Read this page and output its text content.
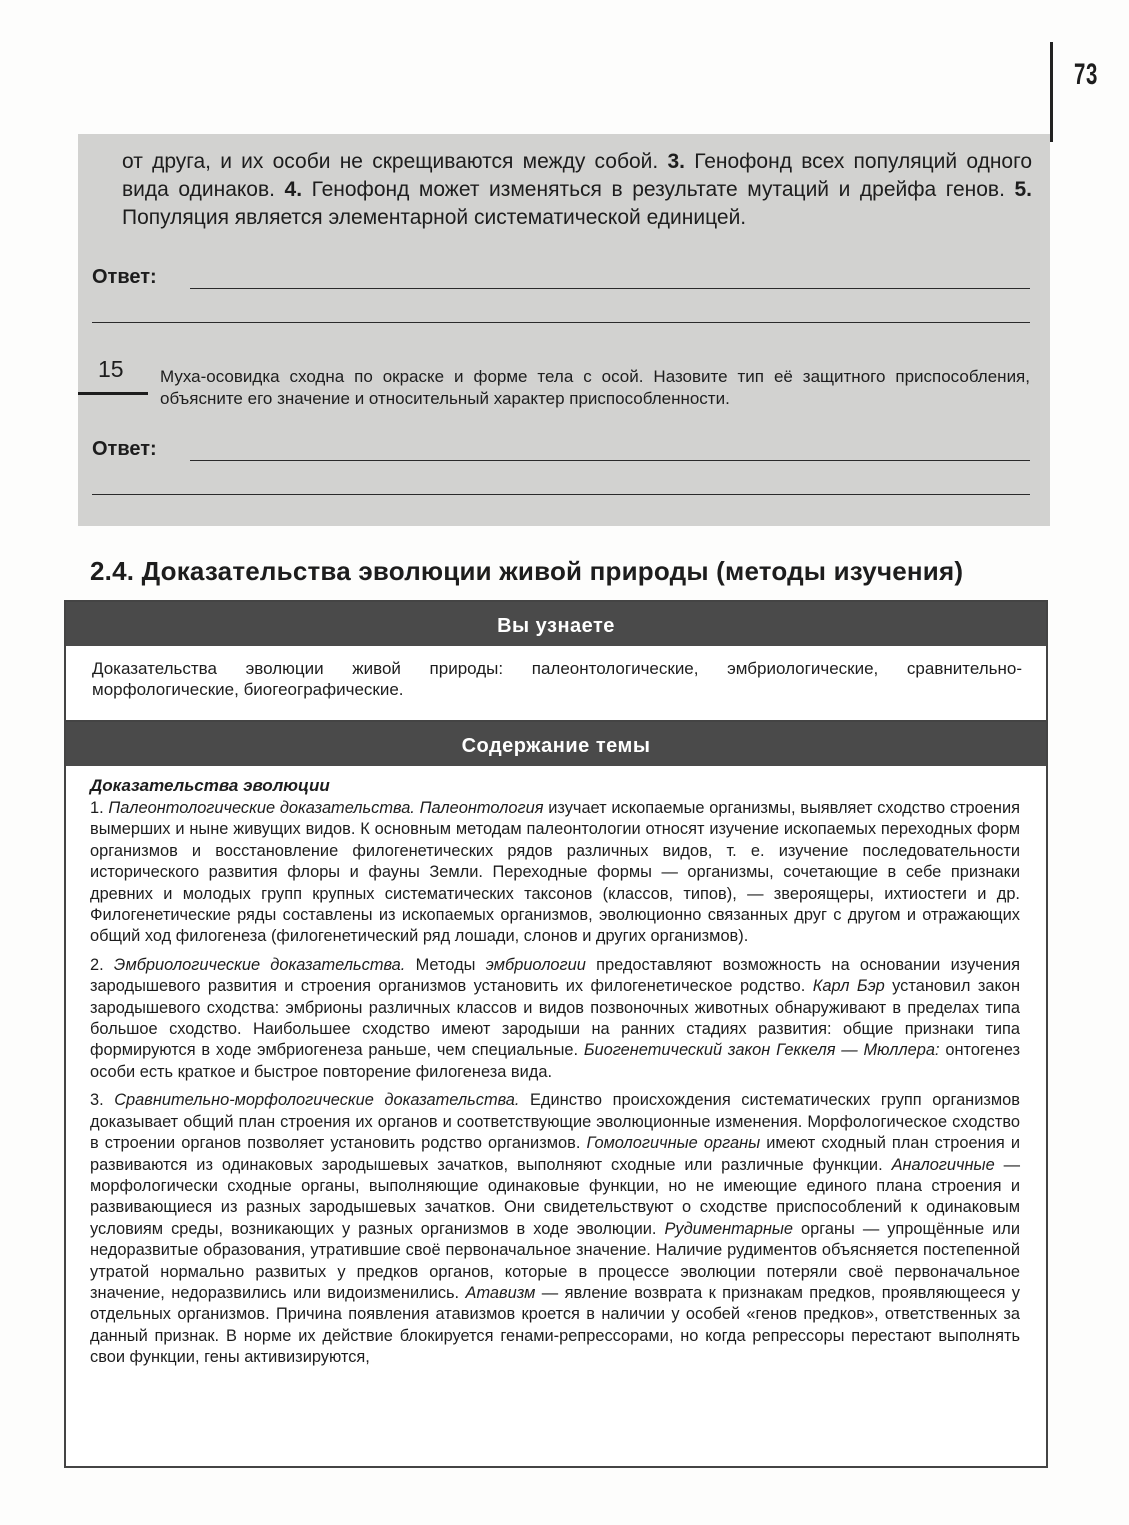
73
от друга, и их особи не скрещиваются между собой. 3. Генофонд всех популяций одного вида одинаков. 4. Генофонд может изменяться в результате мутаций и дрейфа генов. 5. Популяция является элементарной систематической единицей.
Ответ:
15	Муха-осовидка сходна по окраске и форме тела с осой. Назовите тип её защитного приспособления, объясните его значение и относительный характер приспособленности.
Ответ:
2.4. Доказательства эволюции живой природы (методы изучения)
Вы узнаете
Доказательства эволюции живой природы: палеонтологические, эмбриологические, сравнительно-морфологические, биогеографические.
Содержание темы
Доказательства эволюции

1. Палеонтологические доказательства. Палеонтология изучает ископаемые организмы, выявляет сходство строения вымерших и ныне живущих видов. К основным методам палеонтологии относят изучение ископаемых переходных форм организмов и восстановление филогенетических рядов различных видов, т. е. изучение последовательности исторического развития флоры и фауны Земли. Переходные формы — организмы, сочетающие в себе признаки древних и молодых групп крупных систематических таксонов (классов, типов), — звероящеры, ихтиостеги и др. Филогенетические ряды составлены из ископаемых организмов, эволюционно связанных друг с другом и отражающих общий ход филогенеза (филогенетический ряд лошади, слонов и других организмов).

2. Эмбриологические доказательства. Методы эмбриологии предоставляют возможность на основании изучения зародышевого развития и строения организмов установить их филогенетическое родство. Карл Бэр установил закон зародышевого сходства: эмбрионы различных классов и видов позвоночных животных обнаруживают в пределах типа большое сходство. Наибольшее сходство имеют зародыши на ранних стадиях развития: общие признаки типа формируются в ходе эмбриогенеза раньше, чем специальные. Биогенетический закон Геккеля — Мюллера: онтогенез особи есть краткое и быстрое повторение филогенеза вида.

3. Сравнительно-морфологические доказательства. Единство происхождения систематических групп организмов доказывает общий план строения их органов и соответствующие эволюционные изменения. Морфологическое сходство в строении органов позволяет установить родство организмов. Гомологичные органы имеют сходный план строения и развиваются из одинаковых зародышевых зачатков, выполняют сходные или различные функции. Аналогичные — морфологически сходные органы, выполняющие одинаковые функции, но не имеющие единого плана строения и развивающиеся из разных зародышевых зачатков. Они свидетельствуют о сходстве приспособлений к одинаковым условиям среды, возникающих у разных организмов в ходе эволюции. Рудиментарные органы — упрощённые или недоразвитые образования, утратившие своё первоначальное значение. Наличие рудиментов объясняется постепенной утратой нормально развитых у предков органов, которые в процессе эволюции потеряли своё первоначальное значение, недоразвились или видоизменились. Атавизм — явление возврата к признакам предков, проявляющееся у отдельных организмов. Причина появления атавизмов кроется в наличии у особей «генов предков», ответственных за данный признак. В норме их действие блокируется генами-репрессорами, но когда репрессоры перестают выполнять свои функции, гены активизируются,
